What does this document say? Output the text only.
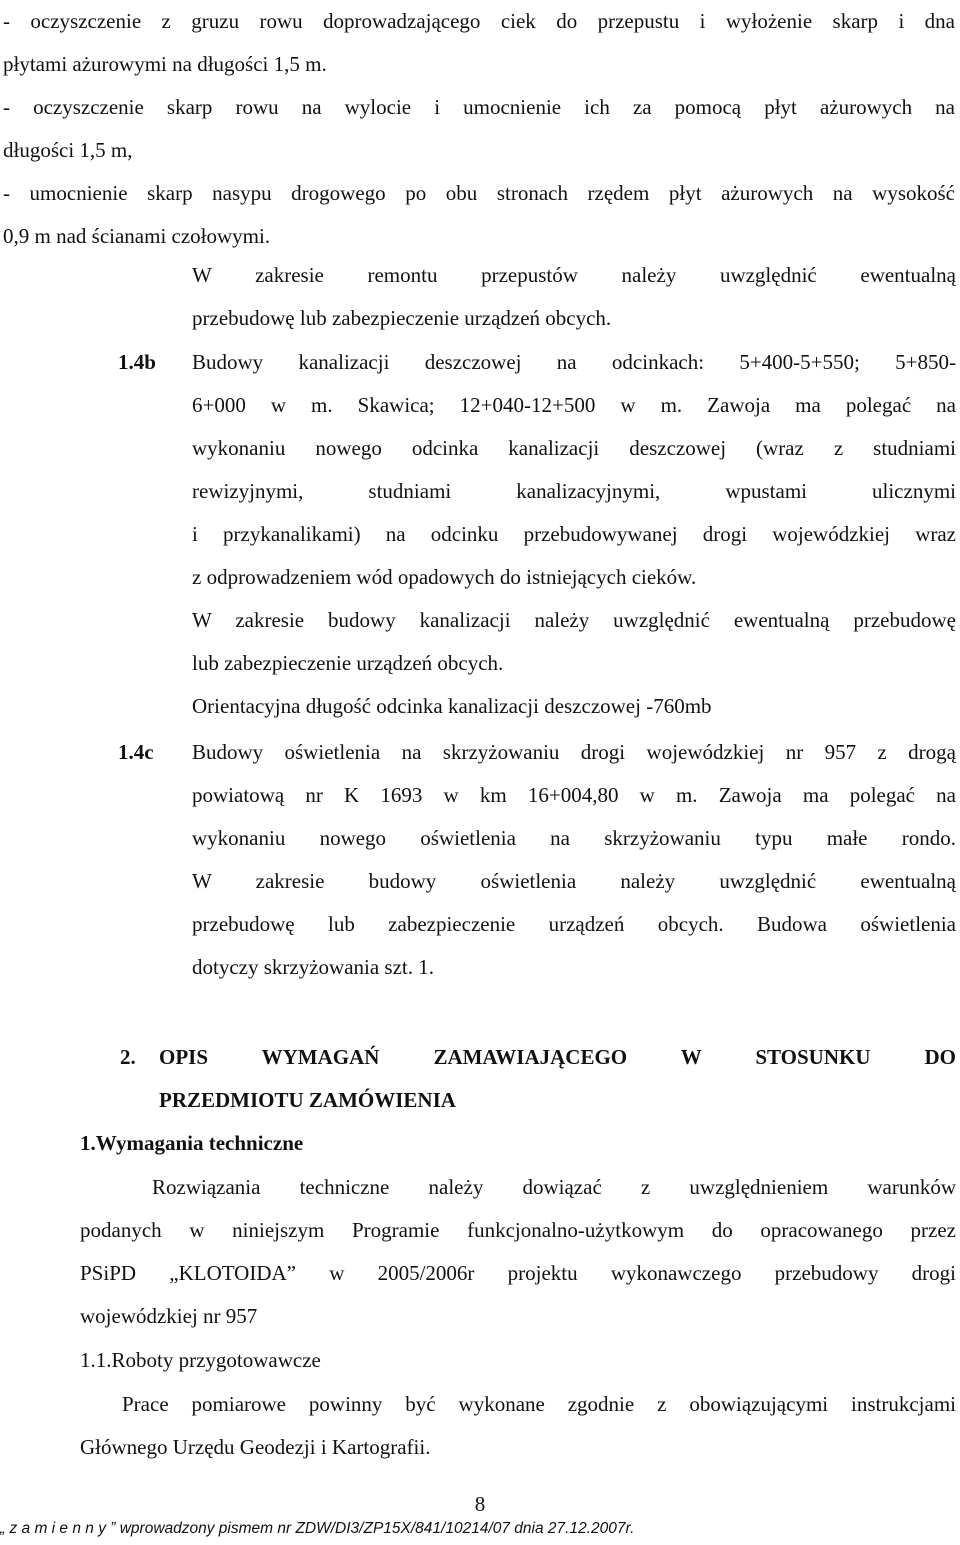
- oczyszczenie z gruzu rowu doprowadzającego ciek do przepustu i wyłożenie skarp i dna
płytami ażurowymi na długości 1,5 m.
- oczyszczenie skarp rowu na wylocie i umocnienie ich za pomocą płyt ażurowych na
długości 1,5 m,
- umocnienie skarp nasypu drogowego po obu stronach rzędem płyt ażurowych na wysokość
0,9 m nad ścianami czołowymi.
W zakresie remontu przepustów należy uwzględnić ewentualną
przebudowę lub zabezpieczenie urządzeń obcych.
1.4b Budowy kanalizacji deszczowej na odcinkach: 5+400-5+550; 5+850-
6+000 w m. Skawica; 12+040-12+500 w m. Zawoja ma polegać na
wykonaniu nowego odcinka kanalizacji deszczowej (wraz z studniami
rewizyjnymi, studniami kanalizacyjnymi, wpustami ulicznymi
i przykanalikami) na odcinku przebudowywanej drogi wojewódzkiej wraz
z odprowadzeniem wód opadowych do istniejących cieków.
W zakresie budowy kanalizacji należy uwzględnić ewentualną przebudowę
lub zabezpieczenie urządzeń obcych.
Orientacyjna długość odcinka kanalizacji deszczowej -760mb
1.4c Budowy oświetlenia na skrzyżowaniu drogi wojewódzkiej nr 957 z drogą
powiatową nr K 1693 w km 16+004,80 w m. Zawoja ma polegać na
wykonaniu nowego oświetlenia na skrzyżowaniu typu małe rondo.
W zakresie budowy oświetlenia należy uwzględnić ewentualną
przebudowę lub zabezpieczenie urządzeń obcych. Budowa oświetlenia
dotyczy skrzyżowania szt. 1.
2. OPIS WYMAGAŃ ZAMAWIAJĄCEGO W STOSUNKU DO
PRZEDMIOTU ZAMÓWIENIA
1.Wymagania techniczne
Rozwiązania techniczne należy dowiązać z uwzględnieniem warunków
podanych w niniejszym Programie funkcjonalno-użytkowym do opracowanego przez
PSiPD „KLOTOIDA” w 2005/2006r projektu wykonawczego przebudowy drogi
wojewódzkiej nr 957
1.1.Roboty przygotowawcze
Prace pomiarowe powinny być wykonane zgodnie z obowiązującymi instrukcjami
Głównego Urzędu Geodezji i Kartografii.
8
„ z a m i e n n y ” wprowadzony pismem nr ZDW/DI3/ZP15X/841/10214/07 dnia 27.12.2007r.
